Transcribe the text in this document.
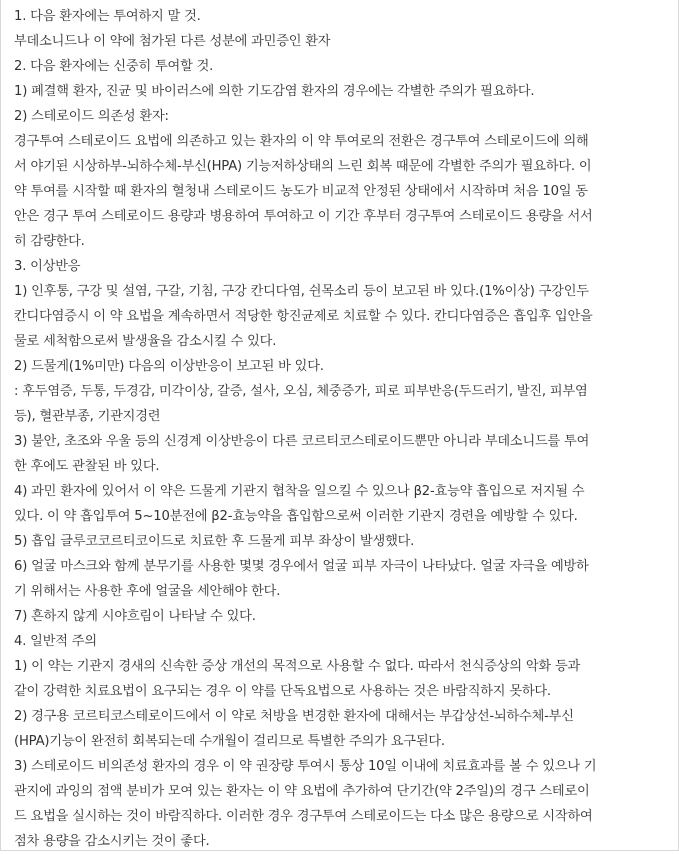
1. 다음 환자에는 투여하지 말 것.
부데소니드나 이 약에 첨가된 다른 성분에 과민증인 환자
2. 다음 환자에는 신중히 투여할 것.
1) 폐결핵 환자, 진균 및 바이러스에 의한 기도감염 환자의 경우에는 각별한 주의가 필요하다.
2) 스테로이드 의존성 환자:
경구투여 스테로이드 요법에 의존하고 있는 환자의 이 약 투여로의 전환은 경구투여 스테로이드에 의해
서 야기된 시상하부-뇌하수체-부신(HPA) 기능저하상태의 느린 회복 때문에 각별한 주의가 필요하다. 이
약 투여를 시작할 때 환자의 혈청내 스테로이드 농도가 비교적 안정된 상태에서 시작하며 처음 10일 동
안은 경구 투여 스테로이드 용량과 병용하여 투여하고 이 기간 후부터 경구투여 스테로이드 용량을 서서
히 감량한다.
3. 이상반응
1) 인후통, 구강 및 설염, 구갈, 기침, 구강 칸디다염, 쉰목소리 등이 보고된 바 있다.(1%이상) 구강인두
칸디다염증시 이 약 요법을 계속하면서 적당한 항진균제로 치료할 수 있다. 칸디다염증은 흡입후 입안을
물로 세척함으로써 발생율을 감소시킬 수 있다.
2) 드물게(1%미만) 다음의 이상반응이 보고된 바 있다.
: 후두염증, 두통, 두경감, 미각이상, 갈증, 설사, 오심, 체중증가, 피로 피부반응(두드러기, 발진, 피부염
등), 혈관부종, 기관지경련
3) 불안, 초조와 우울 등의 신경계 이상반응이 다른 코르티코스테로이드뿐만 아니라 부데소니드를 투여
한 후에도 관찰된 바 있다.
4) 과민 환자에 있어서 이 약은 드물게 기관지 협착을 일으킬 수 있으나 β2-효능약 흡입으로 저지될 수
있다. 이 약 흡입투여 5~10분전에 β2-효능약을 흡입함으로써 이러한 기관지 경련을 예방할 수 있다.
5) 흡입 글루코코르티코이드로 치료한 후 드물게 피부 좌상이 발생했다.
6) 얼굴 마스크와 함께 분무기를 사용한 몇몇 경우에서 얼굴 피부 자극이 나타났다. 얼굴 자극을 예방하
기 위해서는 사용한 후에 얼굴을 세안해야 한다.
7) 흔하지 않게 시야흐림이 나타날 수 있다.
4. 일반적 주의
1) 이 약는 기관지 경새의 신속한 증상 개선의 목적으로 사용할 수 없다. 따라서 천식증상의 악화 등과
같이 강력한 치료요법이 요구되는 경우 이 약를 단독요법으로 사용하는 것은 바람직하지 못하다.
2) 경구용 코르티코스테로이드에서 이 약로 처방을 변경한 환자에 대해서는 부갑상선-뇌하수체-부신
(HPA)기능이 완전히 회복되는데 수개월이 걸리므로 특별한 주의가 요구된다.
3) 스테로이드 비의존성 환자의 경우 이 약 권장량 투여시 통상 10일 이내에 치료효과를 볼 수 있으나 기
관지에 과잉의 점액 분비가 모여 있는 환자는 이 약 요법에 추가하여 단기간(약 2주일)의 경구 스테로이
드 요법을 실시하는 것이 바람직하다. 이러한 경우 경구투여 스테로이드는 다소 많은 용량으로 시작하여
점차 용량을 감소시키는 것이 좋다.
